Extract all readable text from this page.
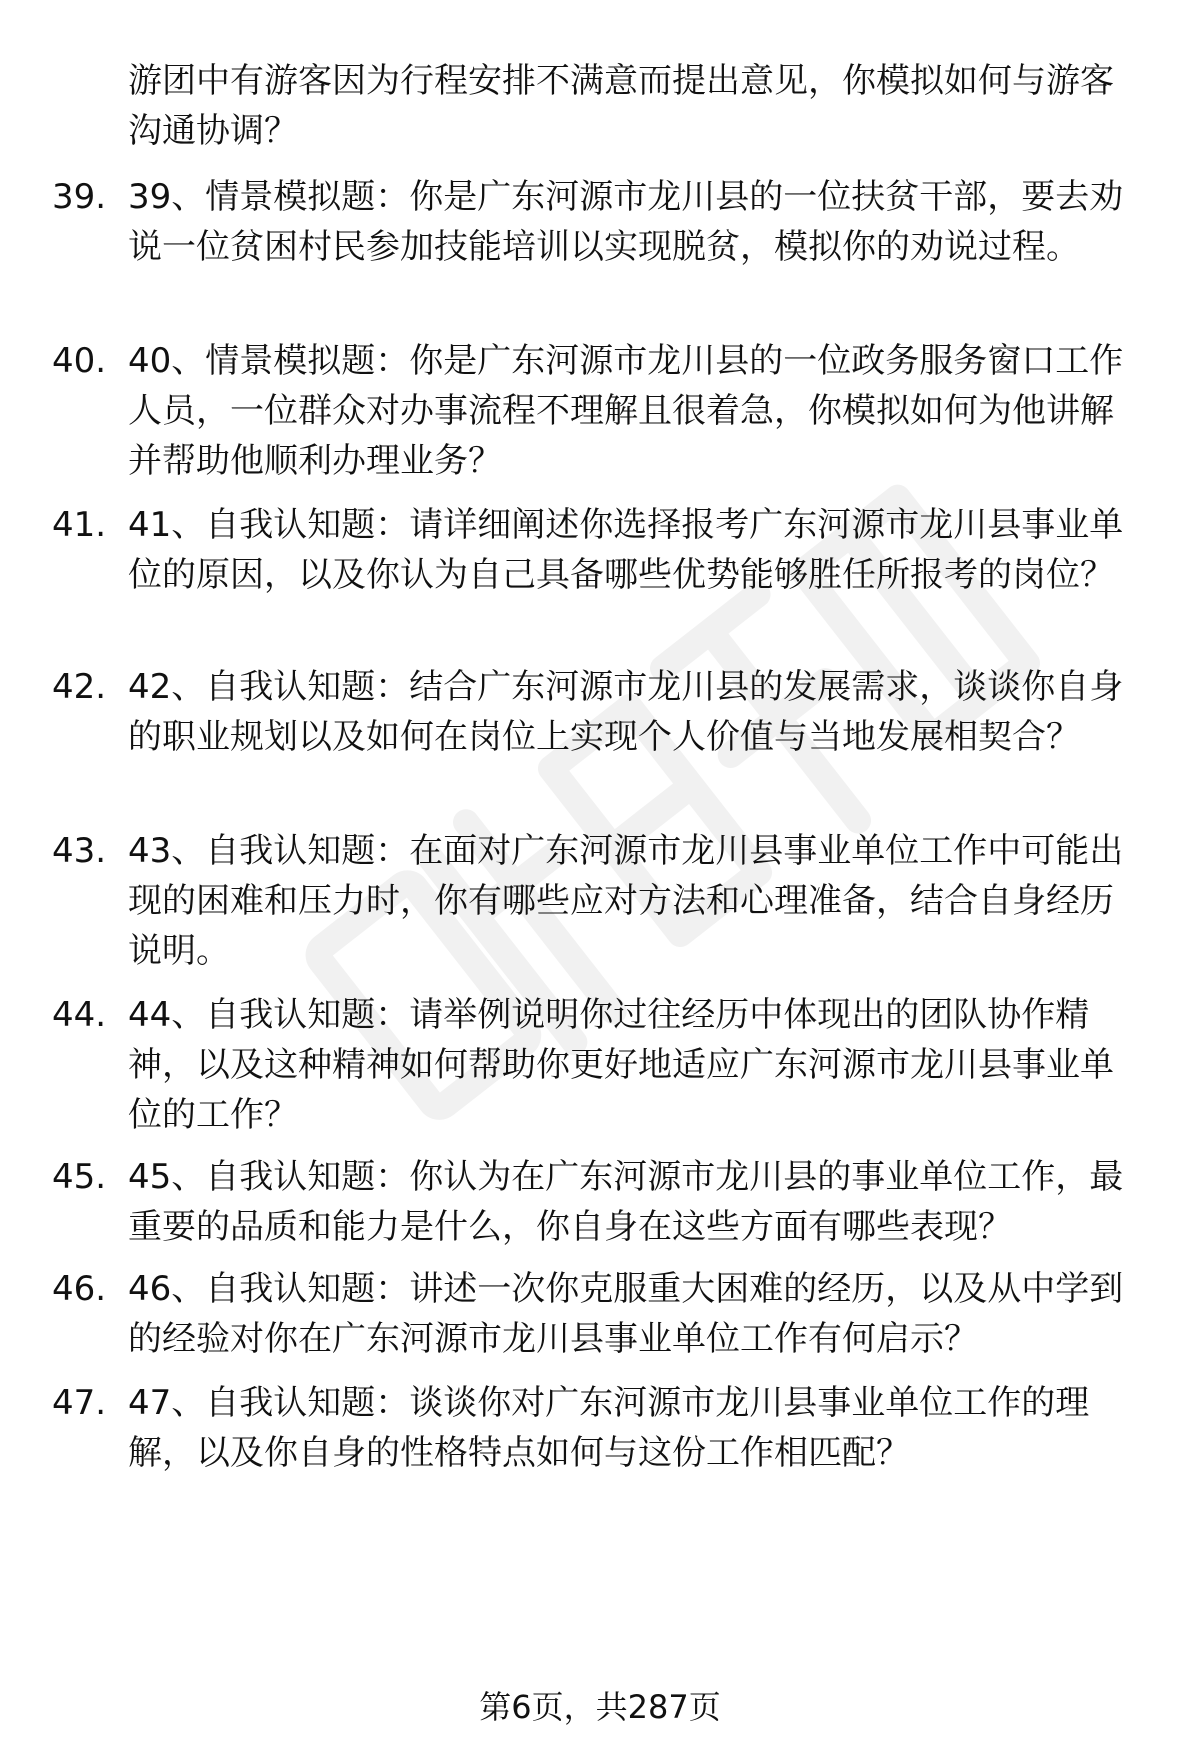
游团中有游客因为行程安排不满意而提出意见，你模拟如何与游客沟通协调？

39. 39、情景模拟题：你是广东河源市龙川县的一位扶贫干部，要去劝说一位贫困村民参加技能培训以实现脱贫，模拟你的劝说过程。

40. 40、情景模拟题：你是广东河源市龙川县的一位政务服务窗口工作人员，一位群众对办事流程不理解且很着急，你模拟如何为他讲解并帮助他顺利办理业务？

41. 41、自我认知题：请详细阐述你选择报考广东河源市龙川县事业单位的原因，以及你认为自己具备哪些优势能够胜任所报考的岗位？

42. 42、自我认知题：结合广东河源市龙川县的发展需求，谈谈你自身的职业规划以及如何在岗位上实现个人价值与当地发展相契合？

43. 43、自我认知题：在面对广东河源市龙川县事业单位工作中可能出现的困难和压力时，你有哪些应对方法和心理准备，结合自身经历说明。

44. 44、自我认知题：请举例说明你过往经历中体现出的团队协作精神，以及这种精神如何帮助你更好地适应广东河源市龙川县事业单位的工作？

45. 45、自我认知题：你认为在广东河源市龙川县的事业单位工作，最重要的品质和能力是什么，你自身在这些方面有哪些表现？

46. 46、自我认知题：讲述一次你克服重大困难的经历，以及从中学到的经验对你在广东河源市龙川县事业单位工作有何启示？

47. 47、自我认知题：谈谈你对广东河源市龙川县事业单位工作的理解，以及你自身的性格特点如何与这份工作相匹配？

第6页，共287页
